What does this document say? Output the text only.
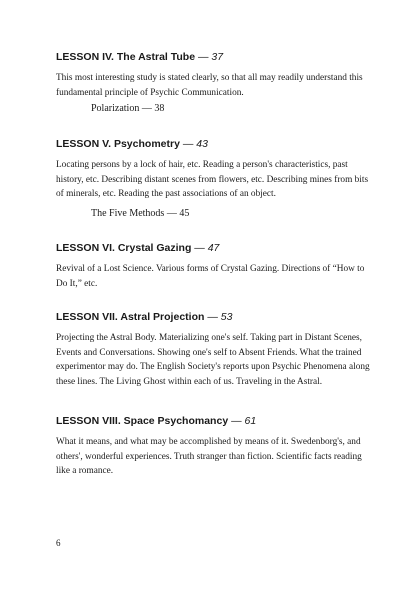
LESSON IV. The Astral Tube — 37

This most interesting study is stated clearly, so that all may readily understand this fundamental principle of Psychic Communication.

Polarization — 38

LESSON V. Psychometry — 43

Locating persons by a lock of hair, etc. Reading a person's characteristics, past history, etc. Describing distant scenes from flowers, etc. Describing mines from bits of minerals, etc. Reading the past associations of an object.

The Five Methods — 45

LESSON VI. Crystal Gazing — 47

Revival of a Lost Science. Various forms of Crystal Gazing. Directions of “How to Do It,” etc.

LESSON VII. Astral Projection — 53

Projecting the Astral Body. Materializing one's self. Taking part in Distant Scenes, Events and Conversations. Showing one's self to Absent Friends. What the trained experimentor may do. The English Society's reports upon Psychic Phenomena along these lines. The Living Ghost within each of us. Traveling in the Astral.

LESSON VIII. Space Psychomancy — 61

What it means, and what may be accomplished by means of it. Swedenborg's, and others', wonderful experiences. Truth stranger than fiction. Scientific facts reading like a romance.

6
